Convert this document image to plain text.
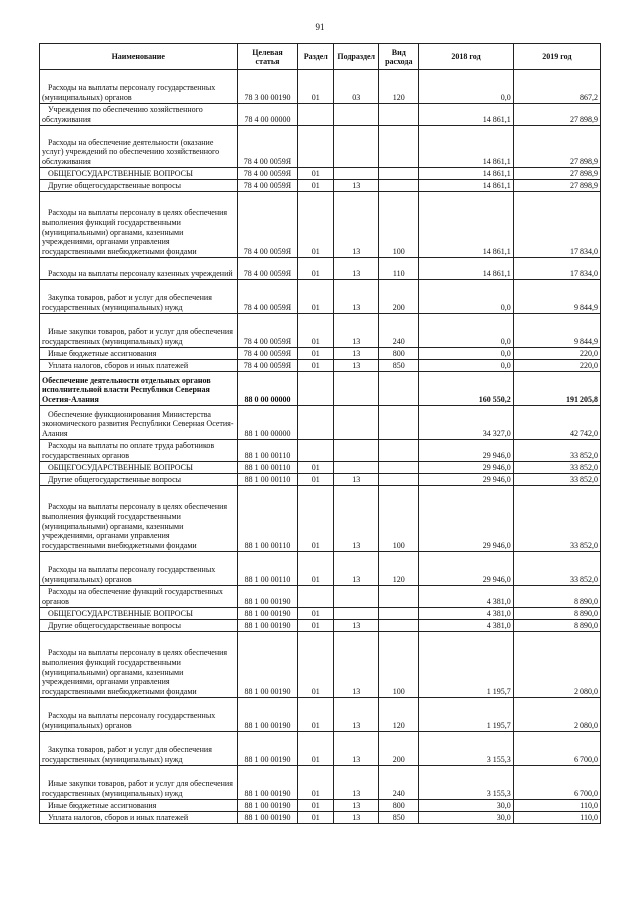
91
Наименование	Целевая статья	Раздел	Подраздел	Вид расхода	2018 год	2019 год
Расходы на выплаты персоналу государственных (муниципальных) органов	78 3 00 00190	01	03	120	0,0	867,2
Учреждения по обеспечению хозяйственного обслуживания	78 4 00 00000				14 861,1	27 898,9
Расходы на обеспечение деятельности (оказание услуг) учреждений по обеспечению хозяйственного обслуживания	78 4 00 0059Я				14 861,1	27 898,9
ОБЩЕГОСУДАРСТВЕННЫЕ ВОПРОСЫ	78 4 00 0059Я	01			14 861,1	27 898,9
Другие общегосударственные вопросы	78 4 00 0059Я	01	13		14 861,1	27 898,9
Расходы на выплаты персоналу в целях обеспечения выполнения функций государственными (муниципальными) органами, казенными учреждениями, органами управления государственными внебюджетными фондами	78 4 00 0059Я	01	13	100	14 861,1	17 834,0
Расходы на выплаты персоналу казенных учреждений	78 4 00 0059Я	01	13	110	14 861,1	17 834,0
Закупка товаров, работ и услуг для обеспечения государственных (муниципальных) нужд	78 4 00 0059Я	01	13	200	0,0	9 844,9
Иные закупки товаров, работ и услуг для обеспечения государственных (муниципальных) нужд	78 4 00 0059Я	01	13	240	0,0	9 844,9
Иные бюджетные ассигнования	78 4 00 0059Я	01	13	800	0,0	220,0
Уплата налогов, сборов и иных платежей	78 4 00 0059Я	01	13	850	0,0	220,0
Обеспечение деятельности отдельных органов исполнительной власти Республики Северная Осетия-Алания	88 0 00 00000				160 550,2	191 205,8
Обеспечение функционирования Министерства экономического развития Республики Северная Осетия-Алания	88 1 00 00000				34 327,0	42 742,0
Расходы на выплаты по оплате труда работников государственных органов	88 1 00 00110				29 946,0	33 852,0
ОБЩЕГОСУДАРСТВЕННЫЕ ВОПРОСЫ	88 1 00 00110	01			29 946,0	33 852,0
Другие общегосударственные вопросы	88 1 00 00110	01	13		29 946,0	33 852,0
Расходы на выплаты персоналу в целях обеспечения выполнения функций государственными (муниципальными) органами, казенными учреждениями, органами управления государственными внебюджетными фондами	88 1 00 00110	01	13	100	29 946,0	33 852,0
Расходы на выплаты персоналу государственных (муниципальных) органов	88 1 00 00110	01	13	120	29 946,0	33 852,0
Расходы на обеспечение функций государственных органов	88 1 00 00190				4 381,0	8 890,0
ОБЩЕГОСУДАРСТВЕННЫЕ ВОПРОСЫ	88 1 00 00190	01			4 381,0	8 890,0
Другие общегосударственные вопросы	88 1 00 00190	01	13		4 381,0	8 890,0
Расходы на выплаты персоналу в целях обеспечения выполнения функций государственными (муниципальными) органами, казенными учреждениями, органами управления государственными внебюджетными фондами	88 1 00 00190	01	13	100	1 195,7	2 080,0
Расходы на выплаты персоналу государственных (муниципальных) органов	88 1 00 00190	01	13	120	1 195,7	2 080,0
Закупка товаров, работ и услуг для обеспечения государственных (муниципальных) нужд	88 1 00 00190	01	13	200	3 155,3	6 700,0
Иные закупки товаров, работ и услуг для обеспечения государственных (муниципальных) нужд	88 1 00 00190	01	13	240	3 155,3	6 700,0
Иные бюджетные ассигнования	88 1 00 00190	01	13	800	30,0	110,0
Уплата налогов, сборов и иных платежей	88 1 00 00190	01	13	850	30,0	110,0
